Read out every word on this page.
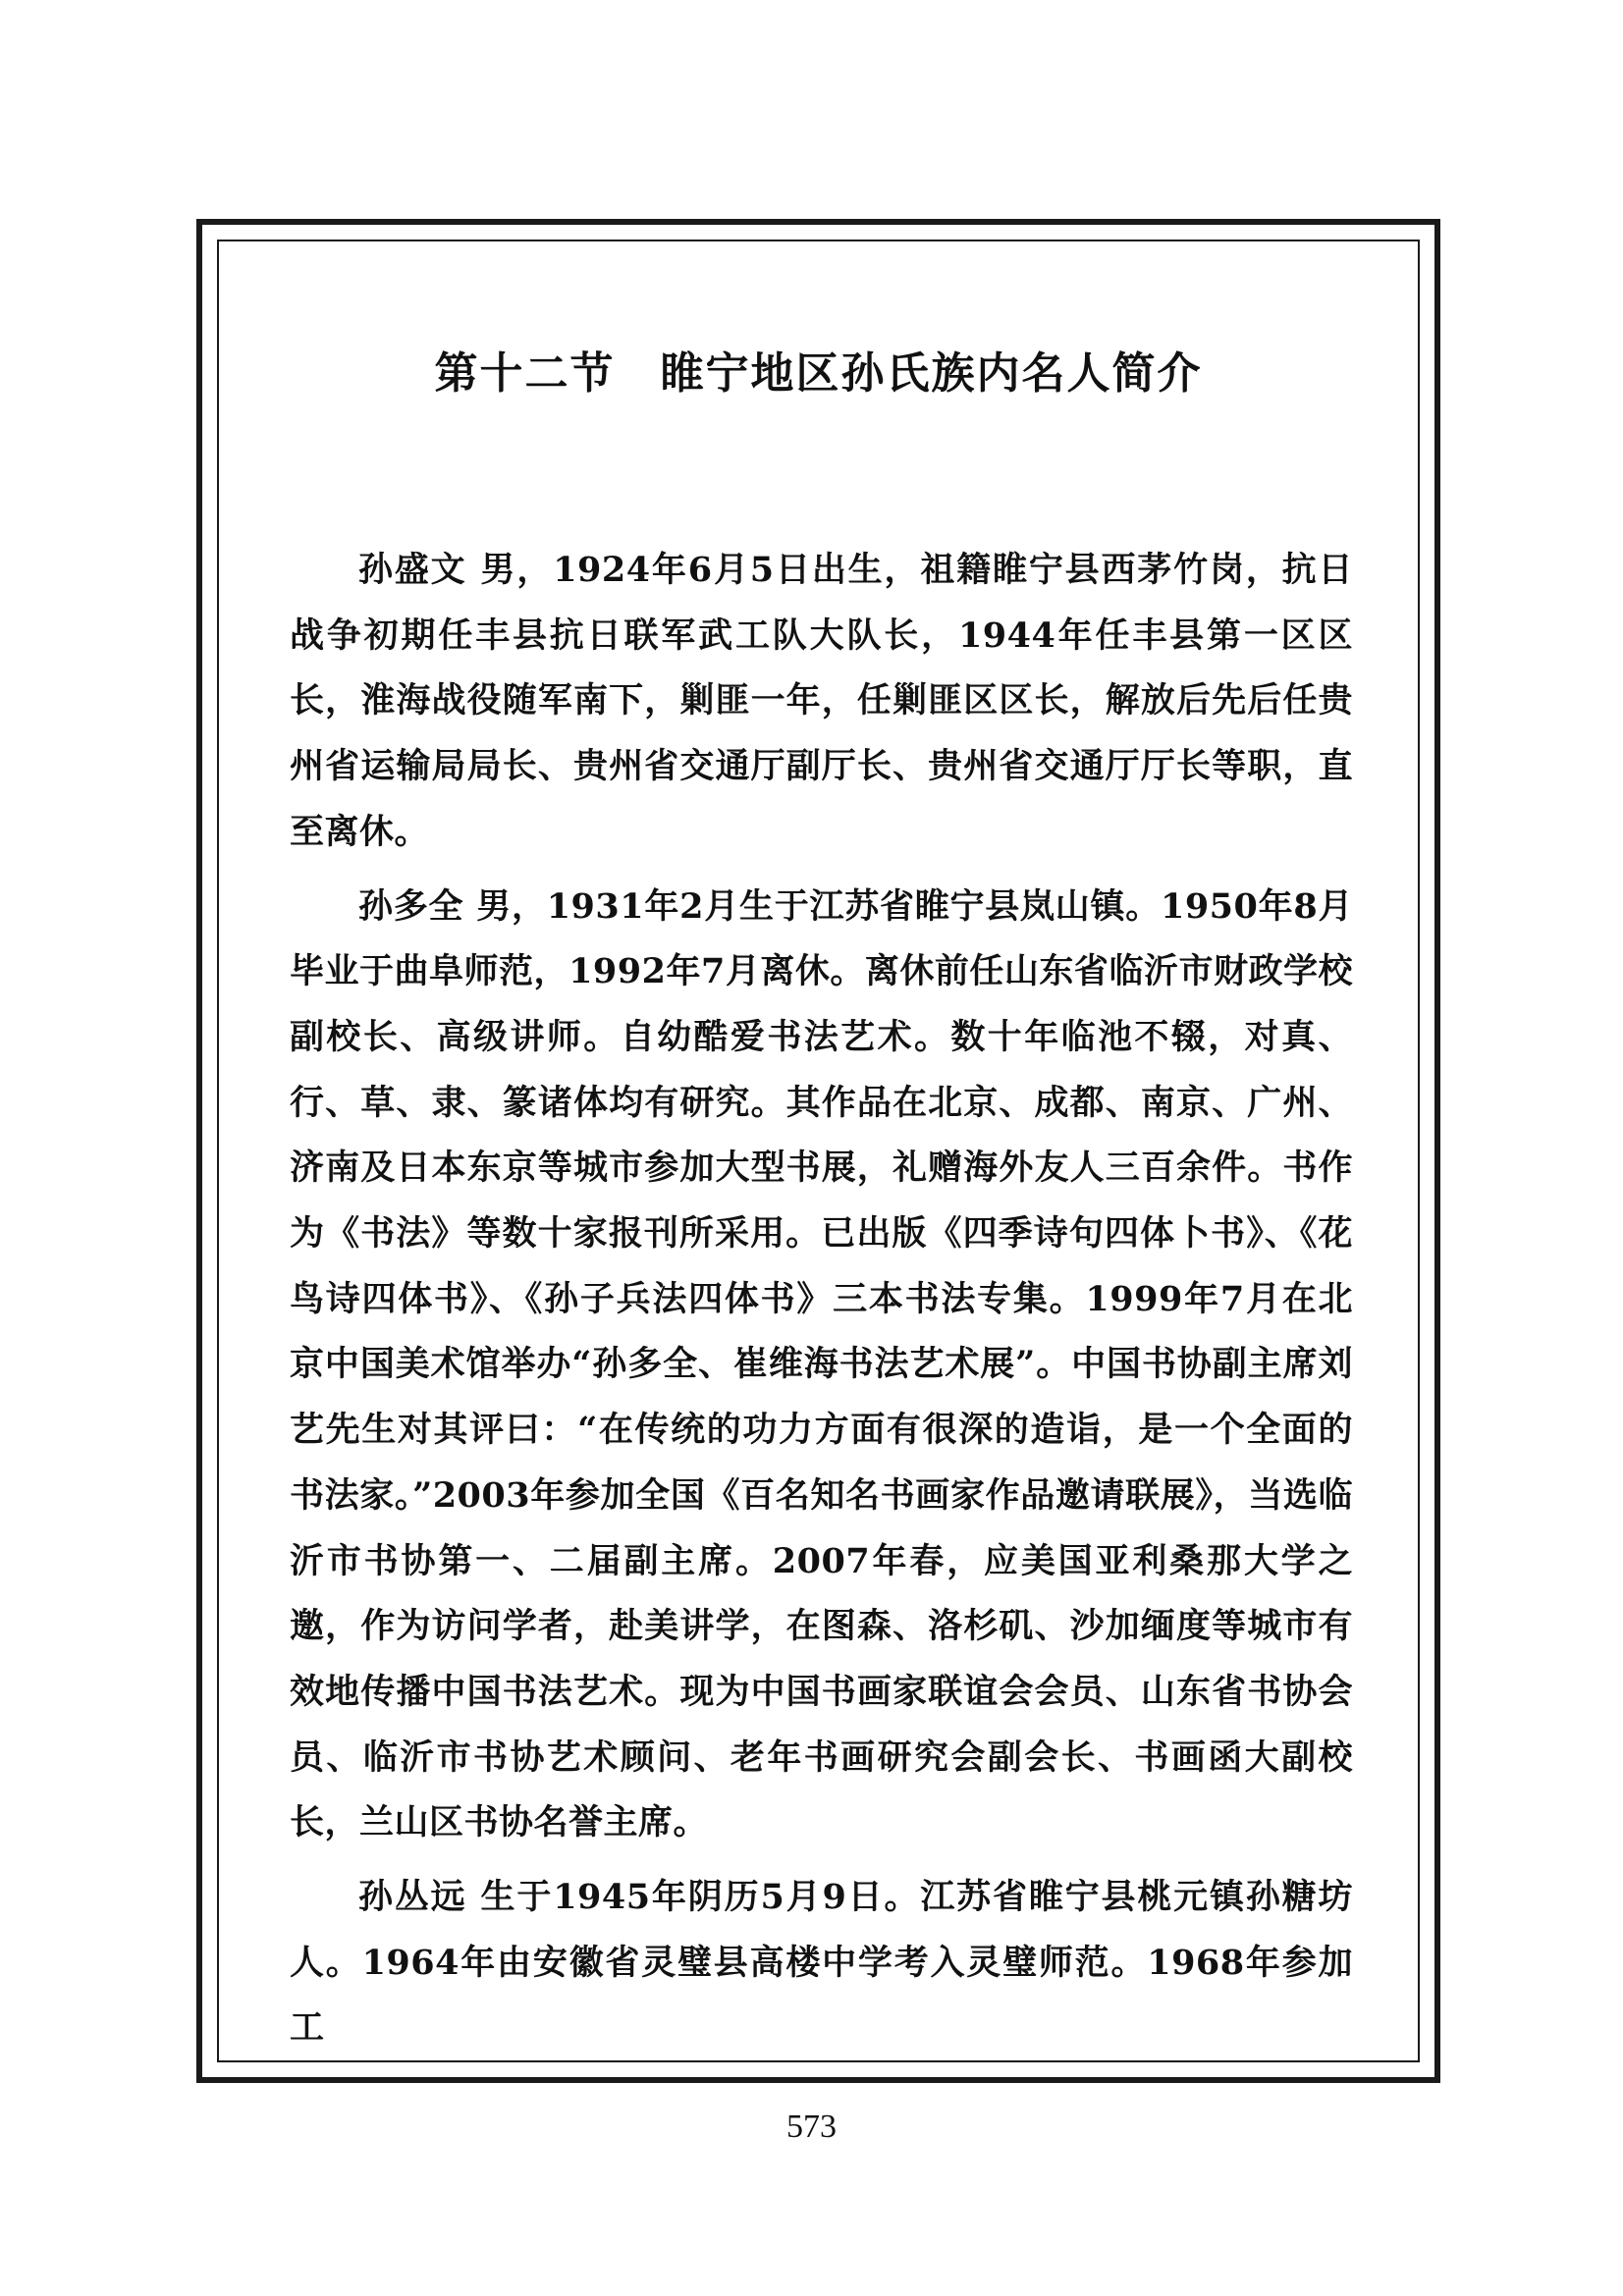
第十二节　睢宁地区孙氏族内名人简介

孙盛文 男，1924年6月5日出生，祖籍睢宁县西茅竹岗，抗日战争初期任丰县抗日联军武工队大队长，1944年任丰县第一区区长，淮海战役随军南下，剿匪一年，任剿匪区区长，解放后先后任贵州省运输局局长、贵州省交通厅副厅长、贵州省交通厅厅长等职，直至离休。

孙多全 男，1931年2月生于江苏省睢宁县岚山镇。1950年8月毕业于曲阜师范，1992年7月离休。离休前任山东省临沂市财政学校副校长、高级讲师。自幼酷爱书法艺术。数十年临池不辍，对真、行、草、隶、篆诸体均有研究。其作品在北京、成都、南京、广州、济南及日本东京等城市参加大型书展，礼赠海外友人三百余件。书作为《书法》等数十家报刊所采用。已出版《四季诗句四体卜书》、《花鸟诗四体书》、《孙子兵法四体书》三本书法专集。1999年7月在北京中国美术馆举办“孙多全、崔维海书法艺术展”。中国书协副主席刘艺先生对其评曰：“在传统的功力方面有很深的造诣，是一个全面的书法家。”2003年参加全国《百名知名书画家作品邀请联展》，当选临沂市书协第一、二届副主席。2007年春，应美国亚利桑那大学之邀，作为访问学者，赴美讲学，在图森、洛杉矶、沙加缅度等城市有效地传播中国书法艺术。现为中国书画家联谊会会员、山东省书协会员、临沂市书协艺术顾问、老年书画研究会副会长、书画函大副校长，兰山区书协名誉主席。

孙丛远 生于1945年阴历5月9日。江苏省睢宁县桃元镇孙糖坊人。1964年由安徽省灵璧县高楼中学考入灵璧师范。1968年参加工

573
